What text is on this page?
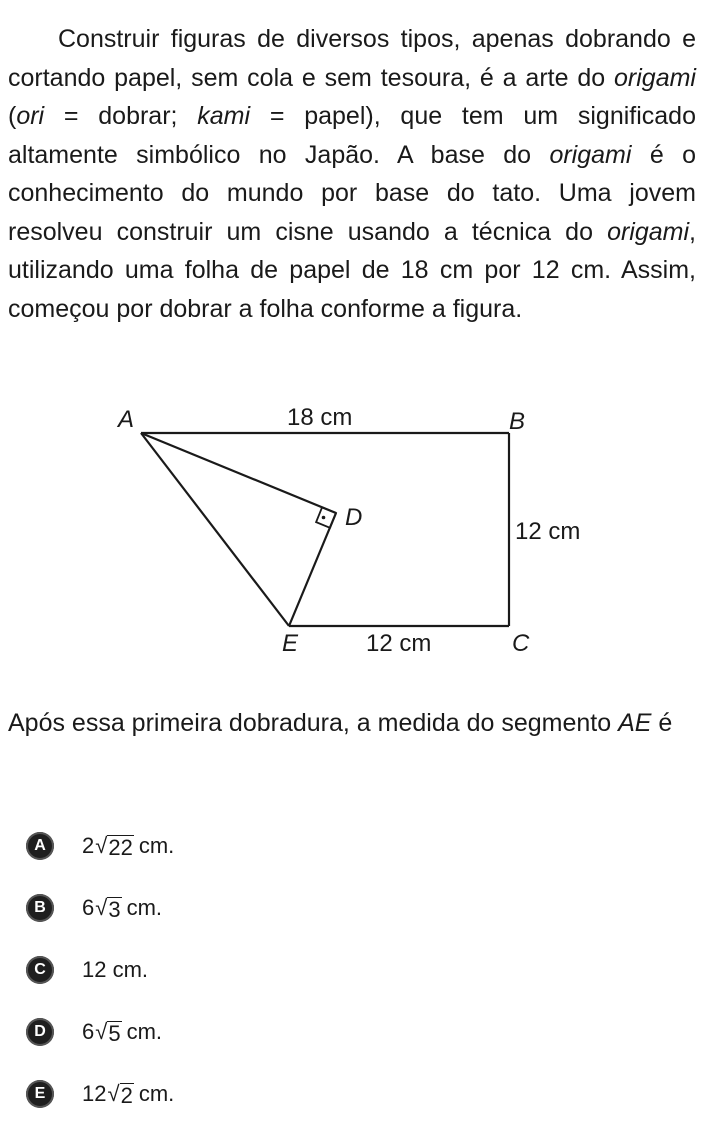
Construir figuras de diversos tipos, apenas dobrando e cortando papel, sem cola e sem tesoura, é a arte do origami (ori = dobrar; kami = papel), que tem um significado altamente simbólico no Japão. A base do origami é o conhecimento do mundo por base do tato. Uma jovem resolveu construir um cisne usando a técnica do origami, utilizando uma folha de papel de 18 cm por 12 cm. Assim, começou por dobrar a folha conforme a figura.

A	B
C
D
E
18 cm
12 cm
12 cm
Após essa primeira dobradura, a medida do segmento AE é
A	2 √ 22 cm.
B	6 √ 3 cm.
C	12 cm.
D	6 √ 5 cm.
E	12 √ 2 cm.
